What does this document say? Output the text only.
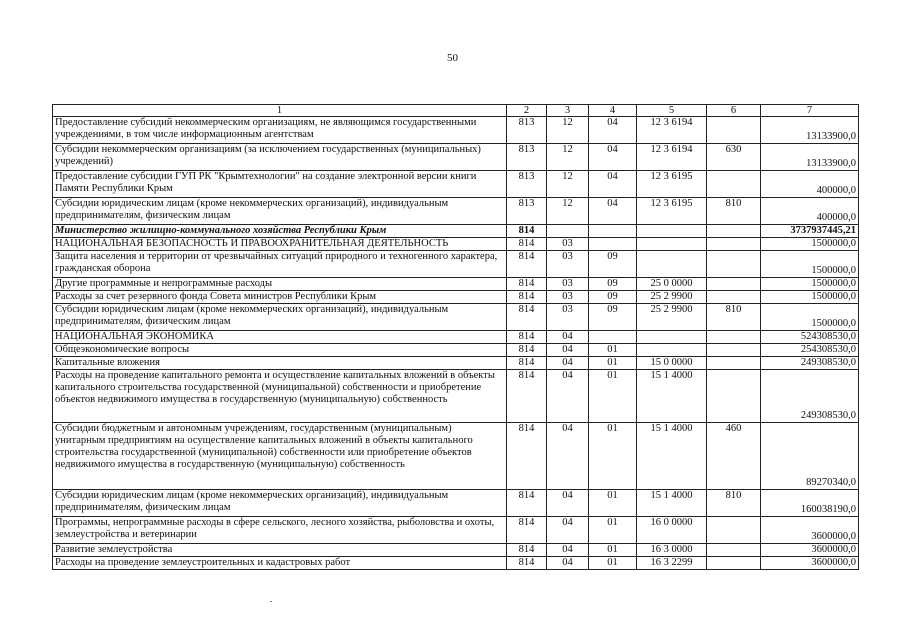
50
1	2	3	4	5	6	7
Предоставление субсидий некоммерческим организациям, не являющимся государственными учреждениями, в том числе информационным агентствам	813	12	04	12 3 6194		13133900,0
Субсидии некоммерческим организациям (за исключением государственных (муниципальных) учреждений)	813	12	04	12 3 6194	630	13133900,0
Предоставление субсидии ГУП РК "Крымтехнологии" на создание электронной версии книги Памяти Республики Крым	813	12	04	12 3 6195		400000,0
Субсидии юридическим лицам (кроме некоммерческих организаций), индивидуальным предпринимателям, физическим лицам	813	12	04	12 3 6195	810	400000,0
Министерство жилищно-коммунального хозяйства Республики Крым	814					3737937445,21
НАЦИОНАЛЬНАЯ БЕЗОПАСНОСТЬ И ПРАВООХРАНИТЕЛЬНАЯ ДЕЯТЕЛЬНОСТЬ	814	03				1500000,0
Защита населения и территории от чрезвычайных ситуаций природного и техногенного характера, гражданская оборона	814	03	09			1500000,0
Другие программные и непрограммные расходы	814	03	09	25 0 0000		1500000,0
Расходы за счет резервного фонда Совета министров Республики Крым	814	03	09	25 2 9900		1500000,0
Субсидии юридическим лицам (кроме некоммерческих организаций), индивидуальным предпринимателям, физическим лицам	814	03	09	25 2 9900	810	1500000,0
НАЦИОНАЛЬНАЯ ЭКОНОМИКА	814	04				524308530,0
Общеэкономические вопросы	814	04	01			254308530,0
Капитальные вложения	814	04	01	15 0 0000		249308530,0
Расходы на проведение капитального ремонта и осуществление капитальных вложений в объекты капитального строительства государственной (муниципальной) собственности и приобретение объектов недвижимого имущества в государственную (муниципальную) собственность	814	04	01	15 1 4000		249308530,0
Субсидии бюджетным и автономным учреждениям, государственным (муниципальным) унитарным предприятиям на осуществление капитальных вложений в объекты капитального строительства государственной (муниципальной) собственности или приобретение объектов недвижимого имущества в государственную (муниципальную) собственность	814	04	01	15 1 4000	460	89270340,0
Субсидии юридическим лицам (кроме некоммерческих организаций), индивидуальным предпринимателям, физическим лицам	814	04	01	15 1 4000	810	160038190,0
Программы, непрограммные расходы в сфере сельского, лесного хозяйства, рыболовства и охоты, землеустройства и ветеринарии	814	04	01	16 0 0000		3600000,0
Развитие землеустройства	814	04	01	16 3 0000		3600000,0
Расходы на проведение землеустроительных и кадастровых работ	814	04	01	16 3 2299		3600000,0
